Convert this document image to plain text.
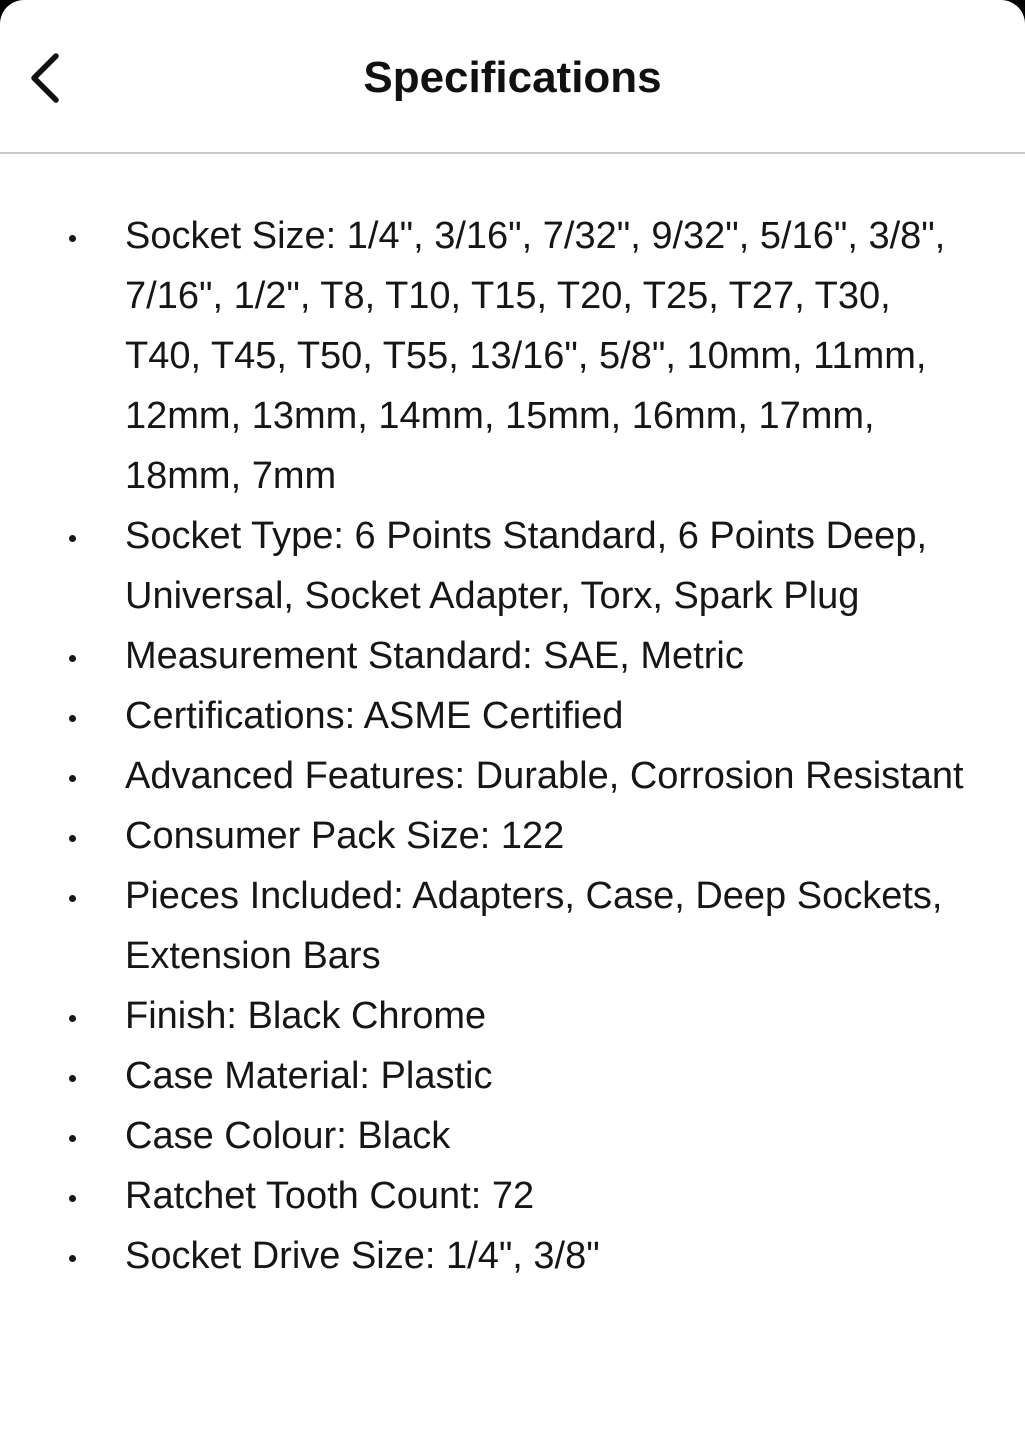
Specifications
Socket Size: 1/4", 3/16", 7/32", 9/32", 5/16", 3/8", 7/16", 1/2", T8, T10, T15, T20, T25, T27, T30, T40, T45, T50, T55, 13/16", 5/8", 10mm, 11mm, 12mm, 13mm, 14mm, 15mm, 16mm, 17mm, 18mm, 7mm
Socket Type: 6 Points Standard, 6 Points Deep, Universal, Socket Adapter, Torx, Spark Plug
Measurement Standard: SAE, Metric
Certifications: ASME Certified
Advanced Features: Durable, Corrosion Resistant
Consumer Pack Size: 122
Pieces Included: Adapters, Case, Deep Sockets, Extension Bars
Finish: Black Chrome
Case Material: Plastic
Case Colour: Black
Ratchet Tooth Count: 72
Socket Drive Size: 1/4", 3/8"
